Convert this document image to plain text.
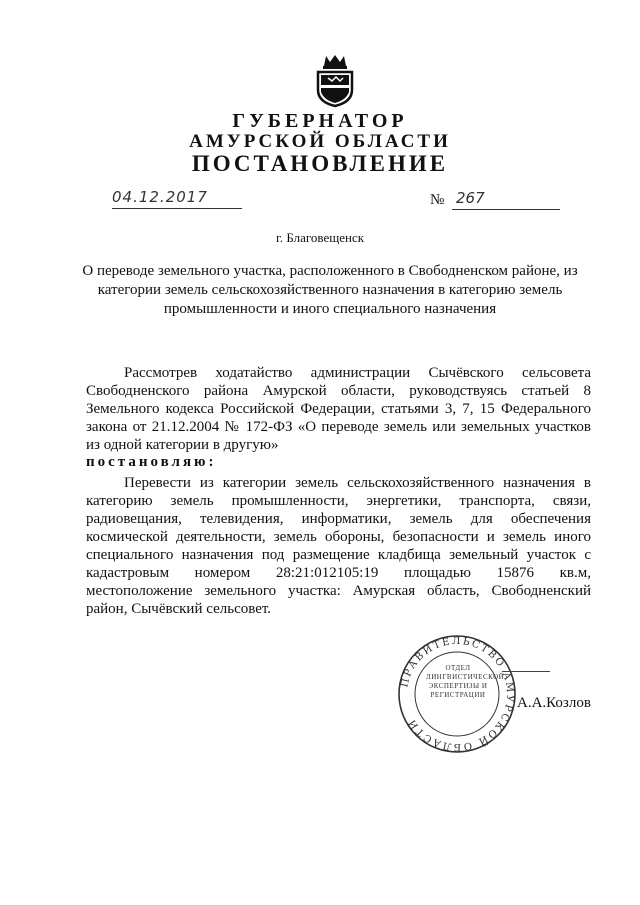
ГУБЕРНАТОР
АМУРСКОЙ ОБЛАСТИ
ПОСТАНОВЛЕНИЕ
04.12.2017	№ 267
г. Благовещенск
О переводе земельного участка, расположенного в Свободненском районе, из категории земель сельскохозяйственного назначения в категорию земель промышленности и иного специального назначения
Рассмотрев ходатайство администрации Сычёвского сельсовета Свободненского района Амурской области, руководствуясь статьей 8 Земельного кодекса Российской Федерации, статьями 3, 7, 15 Федерального закона от 21.12.2004 № 172-ФЗ «О переводе земель или земельных участков из одной категории в другую»
постановляю:
Перевести из категории земель сельскохозяйственного назначения в категорию земель промышленности, энергетики, транспорта, связи, радиовещания, телевидения, информатики, земель для обеспечения космической деятельности, земель обороны, безопасности и земель иного специального назначения под размещение кладбища земельный участок с кадастровым номером 28:21:012105:19 площадью 15876 кв.м, местоположение земельного участка: Амурская область, Свободненский район, Сычёвский сельсовет.
ПРАВИТЕЛЬСТВО АМУРСКОЙ ОБЛАСТИ
ОТДЕЛ ЛИНГВИСТИЧЕСКОЙ ЭКСПЕРТИЗЫ И РЕГИСТРАЦИИ	А.А.Козлов
